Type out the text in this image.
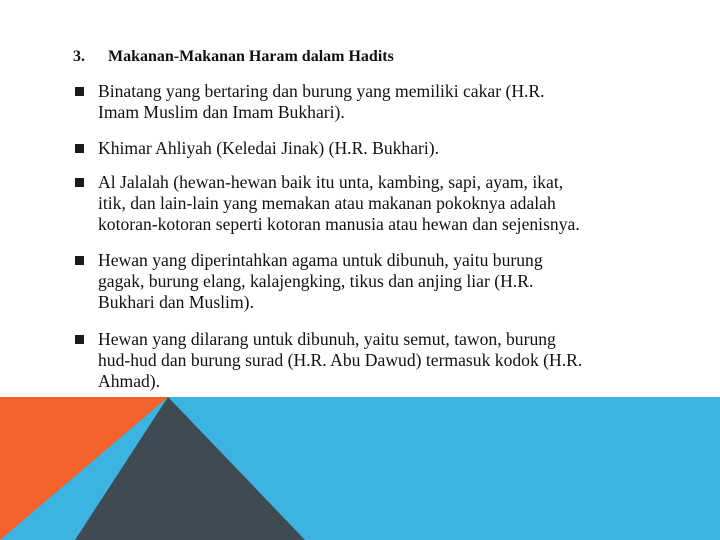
3. Makanan-Makanan Haram dalam Hadits
Binatang yang bertaring dan burung yang memiliki cakar (H.R.
Imam Muslim dan Imam Bukhari).
Khimar Ahliyah (Keledai Jinak) (H.R. Bukhari).
Al Jalalah (hewan-hewan baik itu unta, kambing, sapi, ayam, ikat,
itik, dan lain-lain yang memakan atau makanan pokoknya adalah
kotoran-kotoran seperti kotoran manusia atau hewan dan sejenisnya.
Hewan yang diperintahkan agama untuk dibunuh, yaitu burung
gagak, burung elang, kalajengking, tikus dan anjing liar (H.R.
Bukhari dan Muslim).
Hewan yang dilarang untuk dibunuh, yaitu semut, tawon, burung
hud-hud dan burung surad (H.R. Abu Dawud) termasuk kodok (H.R.
Ahmad).
